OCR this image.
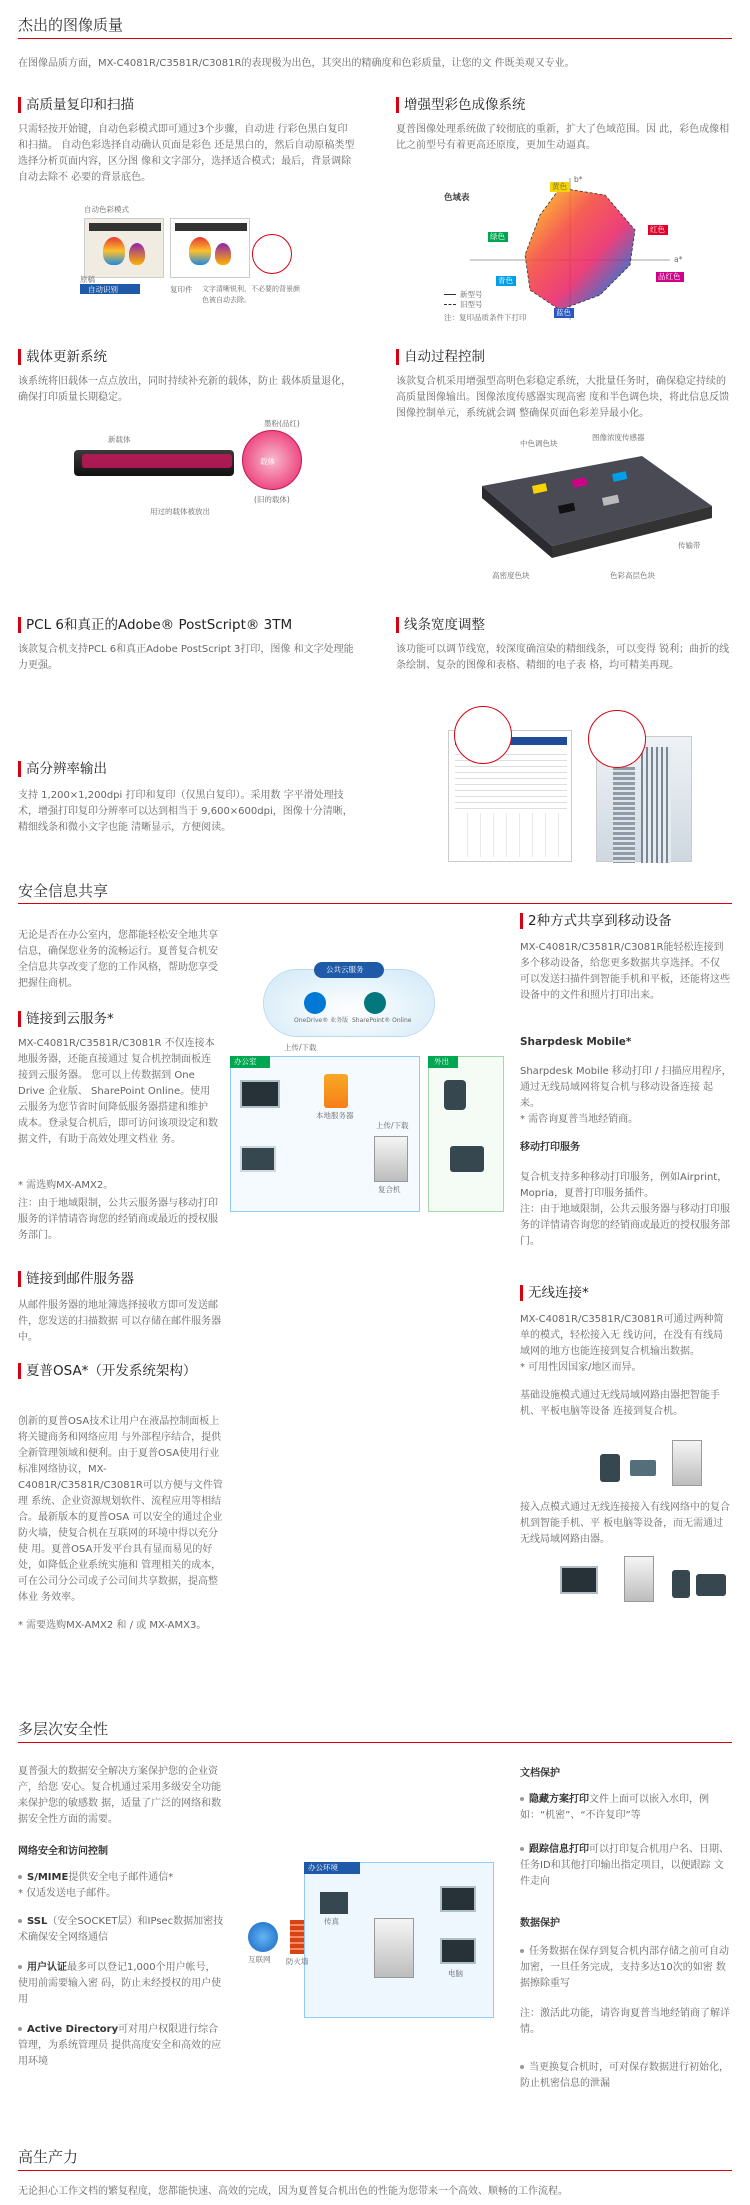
杰出的图像质量
在图像品质方面，MX-C4081R/C3581R/C3081R的表现极为出色，其突出的精确度和色彩质量，让您的文 件既美观又专业。
高质量复印和扫描
只需轻按开始键，自动色彩模式即可通过3个步骤，自动进 行彩色黑白复印和扫描。 自动色彩选择自动确认页面是彩色 还是黑白的，然后自动原稿类型选择分析页面内容，区分图 像和文字部分，选择适合模式；最后，背景调除自动去除不 必要的背景底色。
自动色彩模式
自动识别
原稿
复印件 文字清晰锐利，不必要的背景颜色被自动去除。
增强型彩色成像系统
夏普图像处理系统做了较彻底的重新，扩大了色域范围。因 此，彩色成像相比之前型号有着更高还原度，更加生动逼真。
色域表
黄色
红色
绿色
品红色
青色
蓝色
b*
a*
新型号
旧型号
注：复印品质条件下打印
载体更新系统
该系统将旧载体一点点放出，同时持续补充新的载体，防止 载体质量退化，确保打印质量长期稳定。
新载体
墨粉(品红)
载体
(旧的载体)
用过的载体被放出
自动过程控制
该款复合机采用增强型高明色彩稳定系统，大批量任务时，确保稳定持续的高质量图像输出。图像浓度传感器实现高密 度和半色调色块，将此信息反馈图像控制单元，系统就会调 整确保页面色彩差异最小化。
中色调色块
图像浓度传感器
传输带
高密度色块	色彩高层色块
PCL 6和真正的Adobe® PostScript® 3TM
该款复合机支持PCL 6和真正Adobe PostScript 3打印，图像 和文字处理能力更强。
线条宽度调整
该功能可以调节线宽，较深度确渲染的精细线条，可以变得 锐利；曲折的线条绘制、复杂的图像和表格、精细的电子表 格，均可精美再现。
高分辨率输出
支持 1,200×1,200dpi 打印和复印（仅黑白复印）。采用数 字平滑处理技术，增强打印复印分辨率可以达到相当于 9,600×600dpi，图像十分清晰，精细线条和微小文字也能 清晰显示，方便阅读。
安全信息共享
无论是否在办公室内，您都能轻松安全地共享信息，确保您业务的流畅运行。夏普复合机安 全信息共享改变了您的工作风格，帮助您享受把握住商机。
链接到云服务*
MX-C4081R/C3581R/C3081R 不仅连接本地服务器，还能直接通过 复合机控制面板连接到云服务器。 您可以上传数据到 One Drive 企业版、 SharePoint Online。使用云服务为您节省时间降低服务器搭建和维护 成本。登录复合机后，即可访问该项设定和数据文件，有助于高效处理文档业 务。
* 需选购MX-AMX2。
注：由于地域限制，公共云服务器与移动打印服务的详情请咨询您的经销商或最近的授权服务部门。
公共云服务
OneDrive® 业务版 SharePoint® Online
办公室	外出
本地服务器
复合机
上传/下载
上传/下载
链接到邮件服务器
从邮件服务器的地址簿选择接收方即可发送邮件，您发送的扫描数据 可以存储在邮件服务器中。
夏普OSA*（开发系统架构）
创新的夏普OSA技术让用户在液晶控制面板上将关键商务和网络应用 与外部程序结合，提供全新管理领域和便利。由于夏普OSA使用行业 标准网络协议，MX-C4081R/C3581R/C3081R可以方便与文件管理 系统、企业资源规划软件、流程应用等相结合。最新版本的夏普OSA 可以安全的通过企业防火墙，使复合机在互联网的环境中得以充分使 用。夏普OSA开发平台具有显而易见的好处，如降低企业系统实施和 管理相关的成本，可在公司分公司或子公司间共享数据，提高整体业 务效率。
* 需要选购MX-AMX2 和 / 或 MX-AMX3。
2种方式共享到移动设备
MX-C4081R/C3581R/C3081R能轻松连接到多个移动设备，给您更多数据共享选择。不仅 可以发送扫描件到智能手机和平板，还能将这些设备中的文件和照片打印出来。
Sharpdesk Mobile*
Sharpdesk Mobile 移动打印 / 扫描应用程序，通过无线局域网将复合机与移动设备连接 起来。
* 需咨询夏普当地经销商。
移动打印服务
复合机支持多种移动打印服务，例如Airprint，Mopria，夏普打印服务插件。
注：由于地域限制，公共云服务器与移动打印服务的详情请咨询您的经销商或最近的授权服务部门。
无线连接*
MX-C4081R/C3581R/C3081R可通过两种简单的模式，轻松接入无 线访问，在没有有线局域网的地方也能连接到复合机输出数据。
* 可用性因国家/地区而异。
基础设施模式通过无线局域网路由器把智能手机、平板电脑等设备 连接到复合机。
接入点模式通过无线连接接入有线网络中的复合机到智能手机、平 板电脑等设备，而无需通过无线局域网路由器。
多层次安全性
夏普强大的数据安全解决方案保护您的企业资产，给您 安心。复合机通过采用多级安全功能来保护您的敏感数 据，适量了广泛的网络和数据安全性方面的需要。
网络安全和访问控制
S/MIME提供安全电子邮件通信*
* 仅适发送电子邮件。
SSL（安全SOCKET层）和IPsec数据加密技术确保安全网络通信
用户认证最多可以登记1,000个用户帐号，使用前需要输入密 码，防止未经授权的用户使用
Active Directory可对用户权限进行综合管理，为系统管理员 提供高度安全和高效的应用环境
办公环境
互联网 防火墙
传真
电脑
文档保护
隐藏方案打印文件上面可以嵌入水印，例如：“机密”、“不许复印”等
跟踪信息打印可以打印复合机用户名、日期、任务ID和其他打印输出指定项目，以便跟踪 文件走向
数据保护
任务数据在保存到复合机内部存储之前可自动加密，一旦任务完成，支持多达10次的如密 数据擦除重写
注：激活此功能，请咨询夏普当地经销商了解详情。
当更换复合机时，可对保存数据进行初始化，防止机密信息的泄漏
高生产力
无论担心工作文档的繁复程度，您都能快速、高效的完成，因为夏普复合机出色的性能为您带来一个高效、顺畅的工作流程。
